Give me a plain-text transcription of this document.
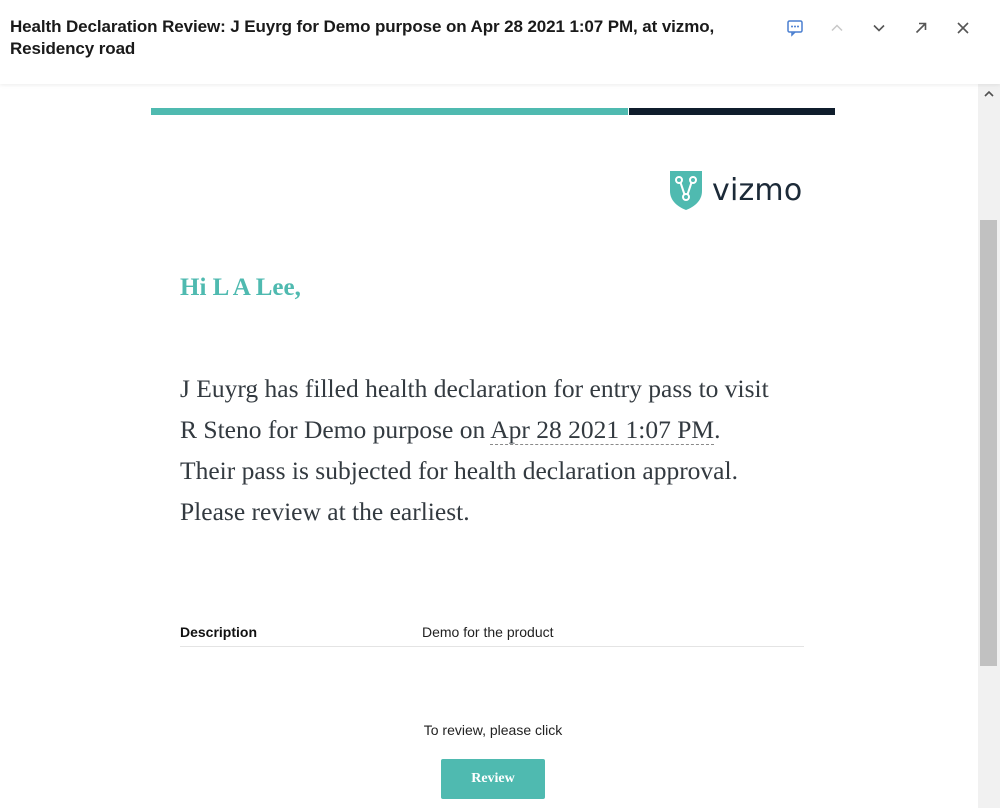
Health Declaration Review: J Euyrg for Demo purpose on Apr 28 2021 1:07 PM, at vizmo, Residency road
vizmo
Hi L A Lee,
J Euyrg has filled health declaration for entry pass to visit R Steno for Demo purpose on Apr 28 2021 1:07 PM. Their pass is subjected for health declaration approval. Please review at the earliest.
Description	Demo for the product
To review, please click
Review
